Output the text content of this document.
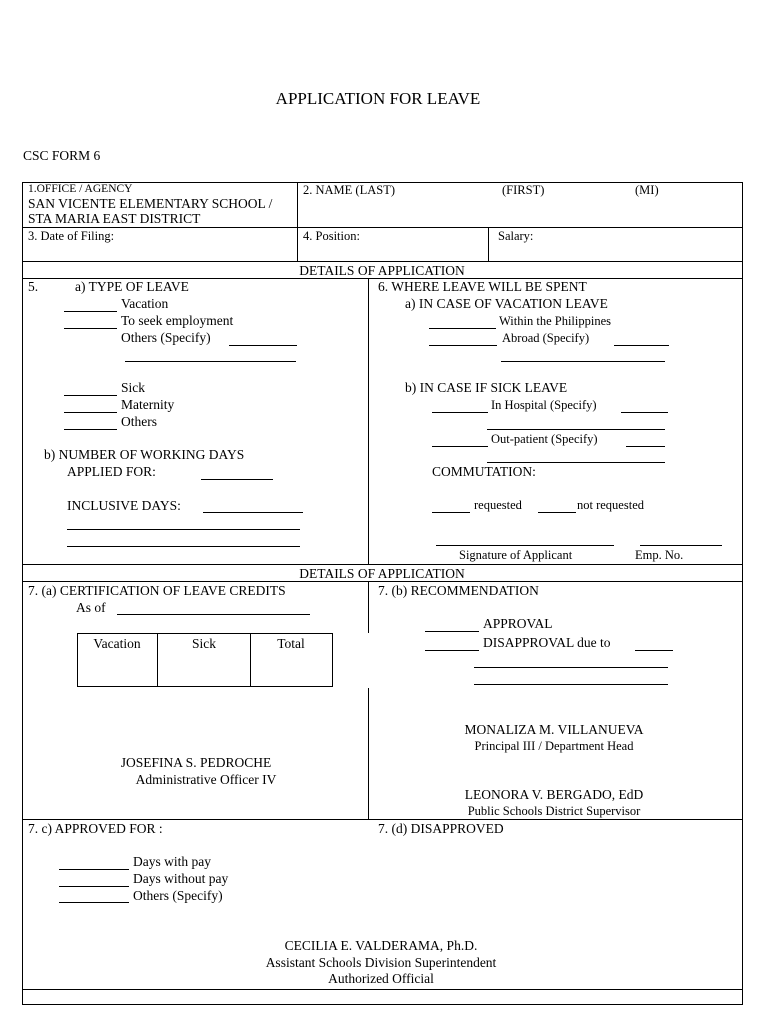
APPLICATION FOR LEAVE
CSC FORM 6
1.OFFICE / AGENCY
SAN VICENTE ELEMENTARY SCHOOL /
STA MARIA EAST DISTRICT
2. NAME (LAST)	(FIRST)	(MI)
3. Date of Filing:	4. Position:	Salary:
DETAILS OF APPLICATION
5.	a) TYPE OF LEAVE
Vacation
To seek employment
Others (Specify)
Sick
Maternity
Others
b) NUMBER OF WORKING DAYS
APPLIED FOR:
INCLUSIVE DAYS:
6. WHERE LEAVE WILL BE SPENT
a) IN CASE OF VACATION LEAVE
Within the Philippines
Abroad (Specify)
b) IN CASE IF SICK LEAVE
In Hospital (Specify)
Out-patient (Specify)
COMMUTATION:
requested	not requested
Signature of Applicant	Emp. No.
DETAILS OF APPLICATION
7. (a) CERTIFICATION OF LEAVE CREDITS
As of
Vacation	Sick	Total
JOSEFINA S. PEDROCHE
Administrative Officer IV
7. (b) RECOMMENDATION
APPROVAL
DISAPPROVAL due to
MONALIZA M. VILLANUEVA
Principal III / Department Head
LEONORA V. BERGADO, EdD
Public Schools District Supervisor
7. c) APPROVED FOR :
Days with pay
Days without pay
Others (Specify)
7. (d) DISAPPROVED
CECILIA E. VALDERAMA, Ph.D.
Assistant Schools Division Superintendent
Authorized Official
